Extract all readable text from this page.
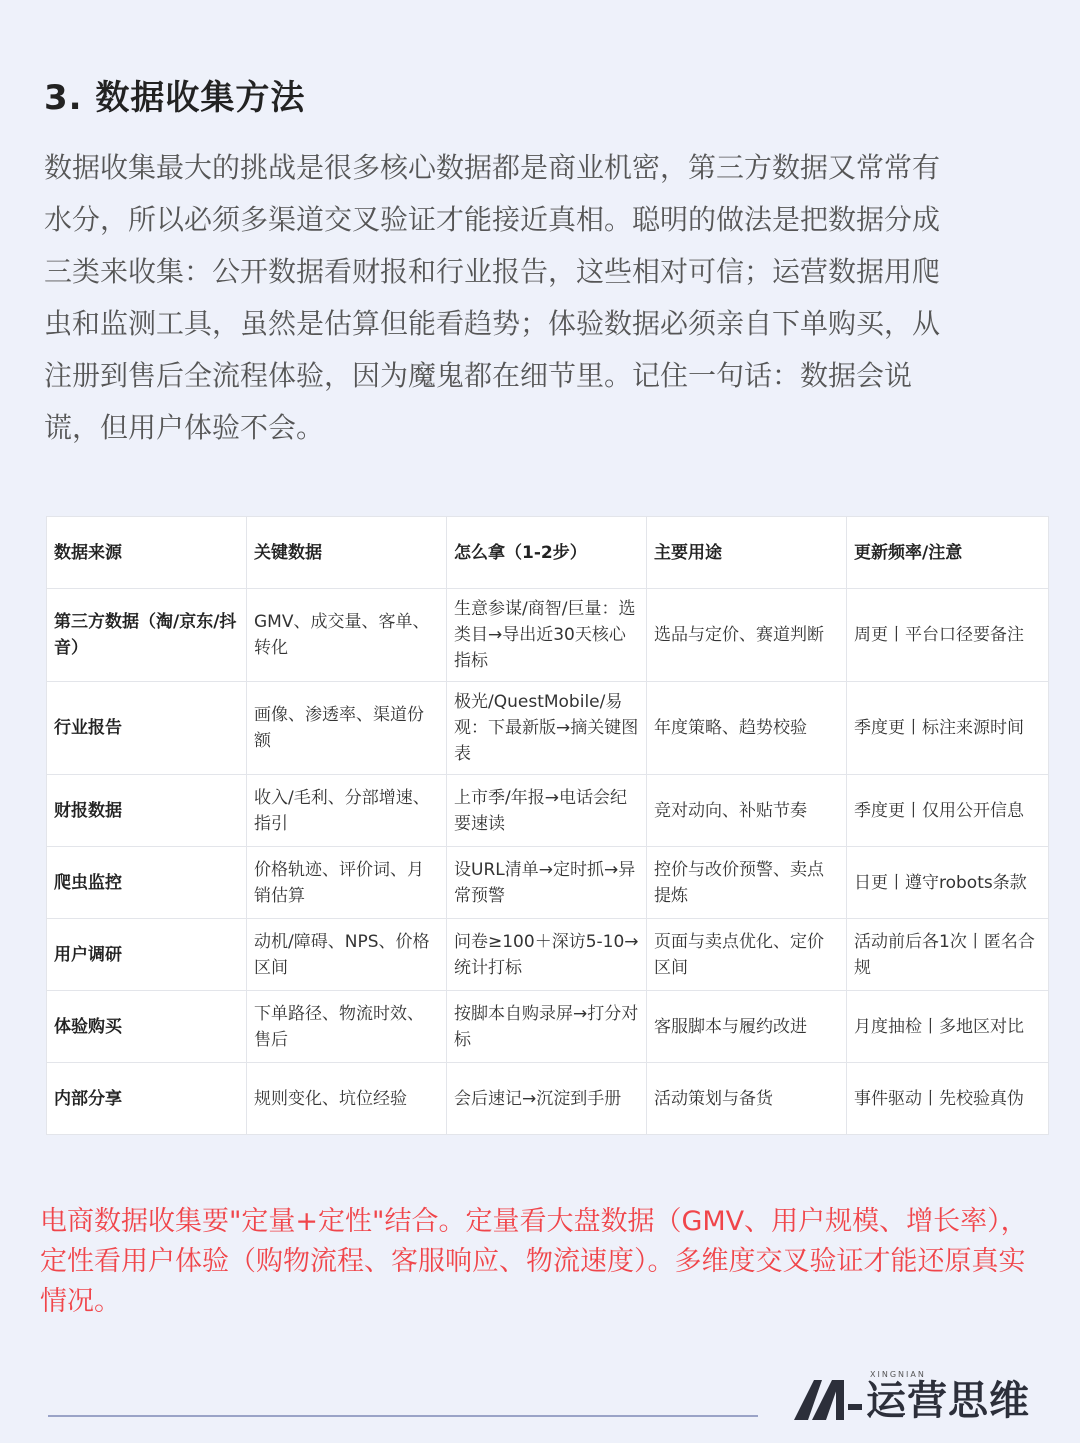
3. 数据收集方法
数据收集最大的挑战是很多核心数据都是商业机密，第三方数据又常常有水分，所以必须多渠道交叉验证才能接近真相。聪明的做法是把数据分成三类来收集：公开数据看财报和行业报告，这些相对可信；运营数据用爬虫和监测工具，虽然是估算但能看趋势；体验数据必须亲自下单购买，从注册到售后全流程体验，因为魔鬼都在细节里。记住一句话：数据会说谎，但用户体验不会。
数据来源	关键数据	怎么拿（1-2步）	主要用途	更新频率/注意
第三方数据（淘/京东/抖音）	GMV、成交量、客单、转化	生意参谋/商智/巨量：选类目→导出近30天核心指标	选品与定价、赛道判断	周更丨平台口径要备注
行业报告	画像、渗透率、渠道份额	极光/QuestMobile/易观：下最新版→摘关键图表	年度策略、趋势校验	季度更丨标注来源时间
财报数据	收入/毛利、分部增速、指引	上市季/年报→电话会纪要速读	竞对动向、补贴节奏	季度更丨仅用公开信息
爬虫监控	价格轨迹、评价词、月销估算	设URL清单→定时抓→异常预警	控价与改价预警、卖点提炼	日更丨遵守robots条款
用户调研	动机/障碍、NPS、价格区间	问卷≥100＋深访5-10→统计打标	页面与卖点优化、定价区间	活动前后各1次丨匿名合规
体验购买	下单路径、物流时效、售后	按脚本自购录屏→打分对标	客服脚本与履约改进	月度抽检丨多地区对比
内部分享	规则变化、坑位经验	会后速记→沉淀到手册	活动策划与备货	事件驱动丨先校验真伪
电商数据收集要"定量+定性"结合。定量看大盘数据（GMV、用户规模、增长率），定性看用户体验（购物流程、客服响应、物流速度）。多维度交叉验证才能还原真实情况。
XINGNIAN
运营思维
